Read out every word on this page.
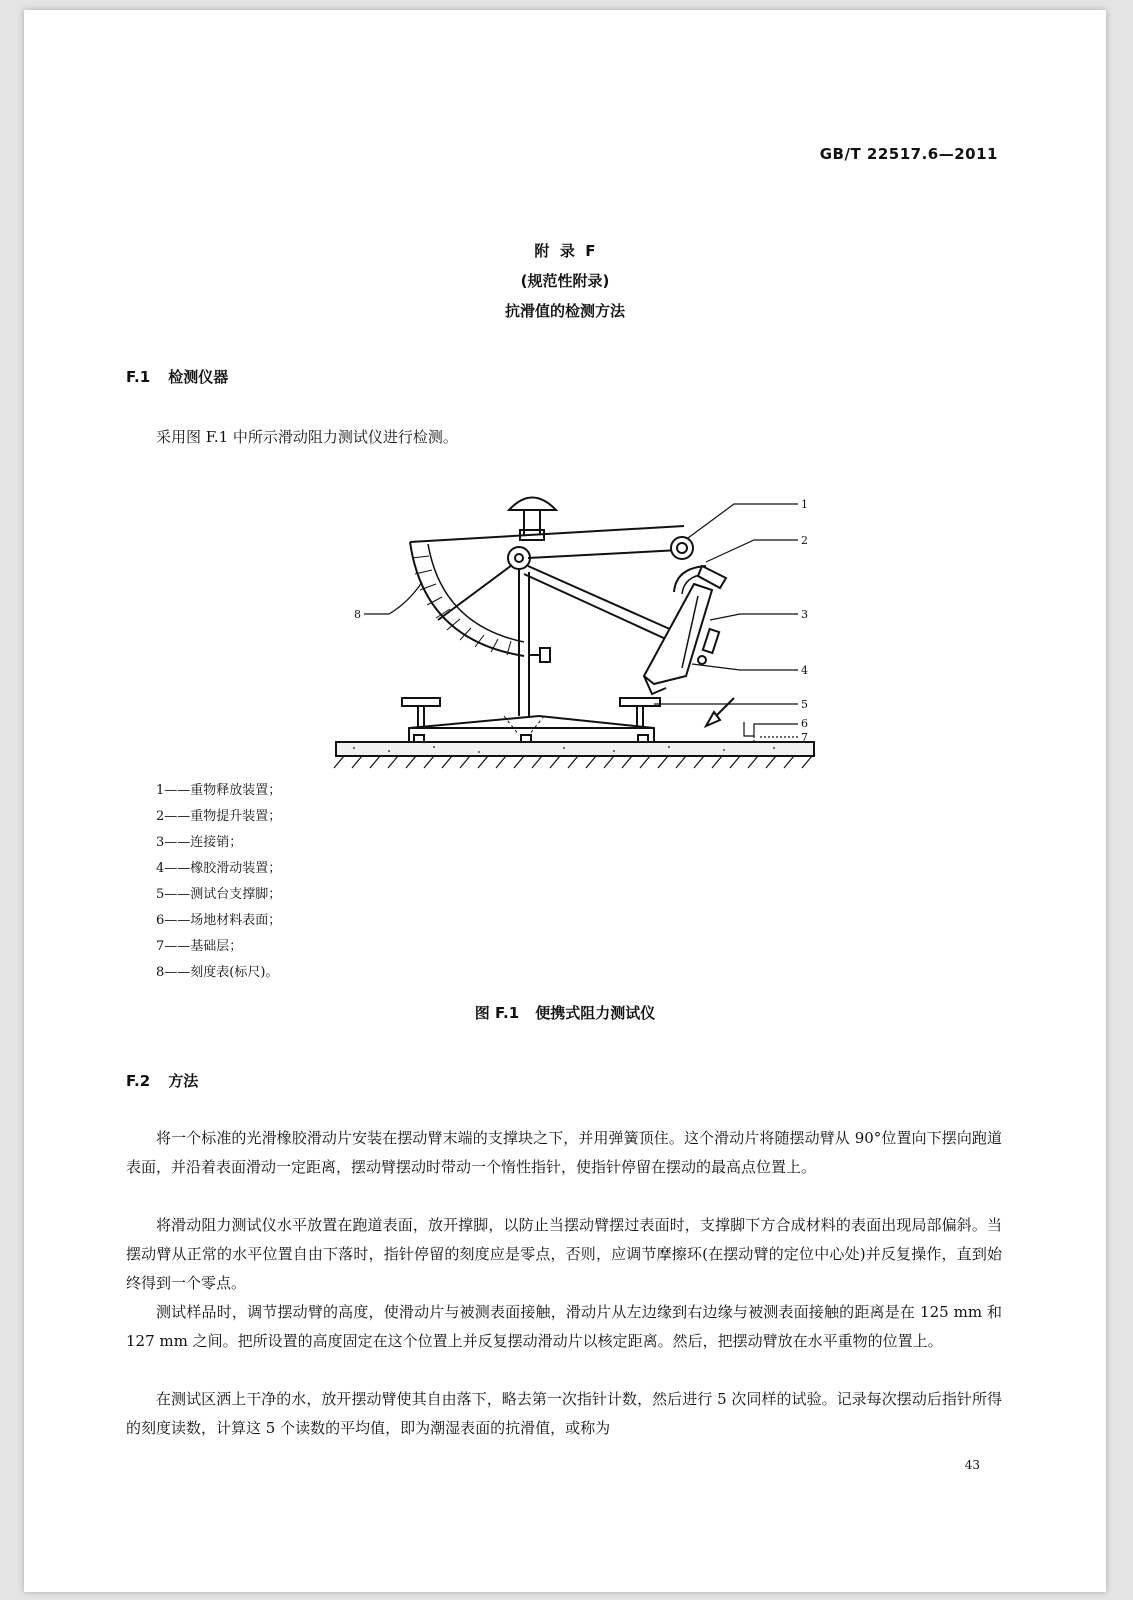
GB/T 22517.6—2011
附  录  F
(规范性附录)
抗滑值的检测方法
F.1 检测仪器
采用图 F.1 中所示滑动阻力测试仪进行检测。
1
2
3
4
5
6
7
8
1——重物释放装置；
2——重物提升装置；
3——连接销；
4——橡胶滑动装置；
5——测试台支撑脚；
6——场地材料表面；
7——基础层；
8——刻度表(标尺)。
图 F.1 便携式阻力测试仪
F.2 方法
将一个标准的光滑橡胶滑动片安装在摆动臂末端的支撑块之下，并用弹簧顶住。这个滑动片将随摆动臂从 90°位置向下摆向跑道表面，并沿着表面滑动一定距离，摆动臂摆动时带动一个惰性指针，使指针停留在摆动的最高点位置上。
将滑动阻力测试仪水平放置在跑道表面，放开撑脚，以防止当摆动臂摆过表面时，支撑脚下方合成材料的表面出现局部偏斜。当摆动臂从正常的水平位置自由下落时，指针停留的刻度应是零点，否则，应调节摩擦环(在摆动臂的定位中心处)并反复操作，直到始终得到一个零点。
测试样品时，调节摆动臂的高度，使滑动片与被测表面接触，滑动片从左边缘到右边缘与被测表面接触的距离是在 125 mm 和 127 mm 之间。把所设置的高度固定在这个位置上并反复摆动滑动片以核定距离。然后，把摆动臂放在水平重物的位置上。
在测试区洒上干净的水，放开摆动臂使其自由落下，略去第一次指针计数，然后进行 5 次同样的试验。记录每次摆动后指针所得的刻度读数，计算这 5 个读数的平均值，即为潮湿表面的抗滑值，或称为
43
